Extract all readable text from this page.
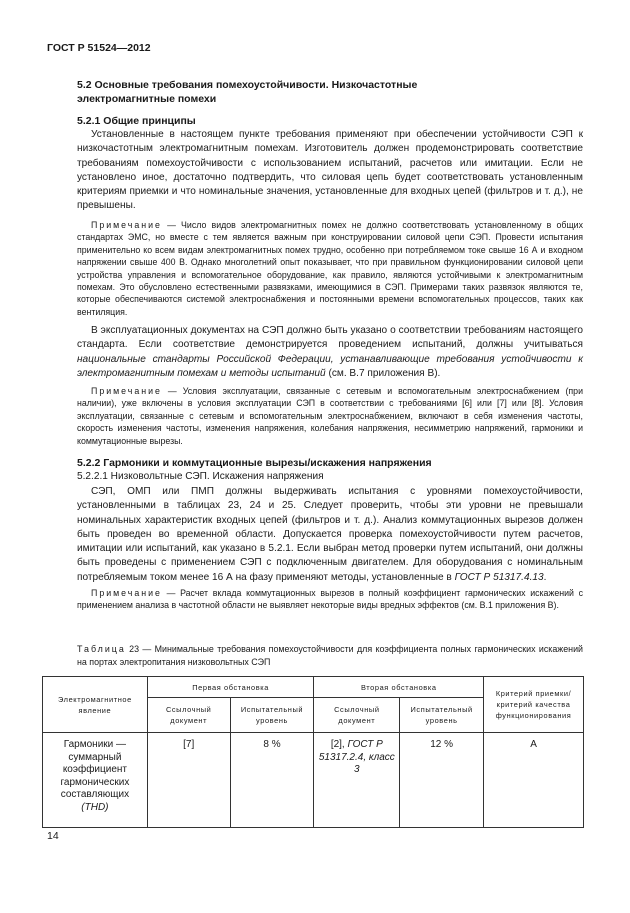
ГОСТ Р 51524—2012

5.2 Основные требования помехоустойчивости. Низкочастотные

электромагнитные помехи

5.2.1 Общие принципы

Установленные в настоящем пункте требования применяют при обеспечении устойчивости СЭП к низкочастотным электромагнитным помехам. Изготовитель должен продемонстрировать соответствие требованиям помехоустойчивости с использованием испытаний, расчетов или имитации. Если не установлено иное, достаточно подтвердить, что силовая цепь будет соответствовать установленным критериям приемки и что номинальные значения, установленные для входных цепей (фильтров и т. д.), не превышены.

Примечание — Число видов электромагнитных помех не должно соответствовать установленному в общих стандартах ЭМС, но вместе с тем является важным при конструировании силовой цепи СЭП. Провести испытания применительно ко всем видам электромагнитных помех трудно, особенно при потребляемом токе свыше 16 А и входном напряжении свыше 400 В. Однако многолетний опыт показывает, что при правильном функционировании силовой цепи устройства управления и вспомогательное оборудование, как правило, являются устойчивыми к электромагнитным помехам. Это обусловлено естественными развязками, имеющимися в СЭП. Примерами таких развязок являются те, которые обеспечиваются системой электроснабжения и постоянными времени вспомогательных процессов, таких как вентиляция.

В эксплуатационных документах на СЭП должно быть указано о соответствии требованиям настоящего стандарта. Если соответствие демонстрируется проведением испытаний, должны учитываться национальные стандарты Российской Федерации, устанавливающие требования устойчивости к электромагнитным помехам и методы испытаний (см. В.7 приложения В).

Примечание — Условия эксплуатации, связанные с сетевым и вспомогательным электроснабжением (при наличии), уже включены в условия эксплуатации СЭП в соответствии с требованиями [6] или [7] или [8]. Условия эксплуатации, связанные с сетевым и вспомогательным электроснабжением, включают в себя изменения частоты, скорость изменения частоты, изменения напряжения, колебания напряжения, несимметрию напряжений, гармоники и коммутационные вырезы.

5.2.2 Гармоники и коммутационные вырезы/искажения напряжения

5.2.2.1 Низковольтные СЭП. Искажения напряжения

СЭП, ОМП или ПМП должны выдерживать испытания с уровнями помехоустойчивости, установленными в таблицах 23, 24 и 25. Следует проверить, чтобы эти уровни не превышали номинальных характеристик входных цепей (фильтров и т. д.). Анализ коммутационных вырезов должен быть проведен во временной области. Допускается проверка помехоустойчивости путем расчетов, имитации или испытаний, как указано в 5.2.1. Если выбран метод проверки путем испытаний, они должны быть проведены с применением СЭП с подключенным двигателем. Для оборудования с номинальным потребляемым током менее 16 А на фазу применяют методы, установленные в ГОСТ Р 51317.4.13.

Примечание — Расчет вклада коммутационных вырезов в полный коэффициент гармонических искажений с применением анализа в частотной области не выявляет некоторые виды вредных эффектов (см. В.1 приложения В).

Таблица 23 — Минимальные требования помехоустойчивости для коэффициента полных гармонических искажений на портах электропитания низковольтных СЭП

Электромагнитное явление	Первая обстановка		Вторая обстановка		Критерий приемки/ критерий качества функционирования
	Ссылочный документ	Испытательный уровень	Ссылочный документ	Испытательный уровень	
Гармоники — суммарный коэффициент гармонических составляющих
(THD)	[7]	8 %	[2], ГОСТ Р 51317.2.4, класс 3	12 %	А
14
